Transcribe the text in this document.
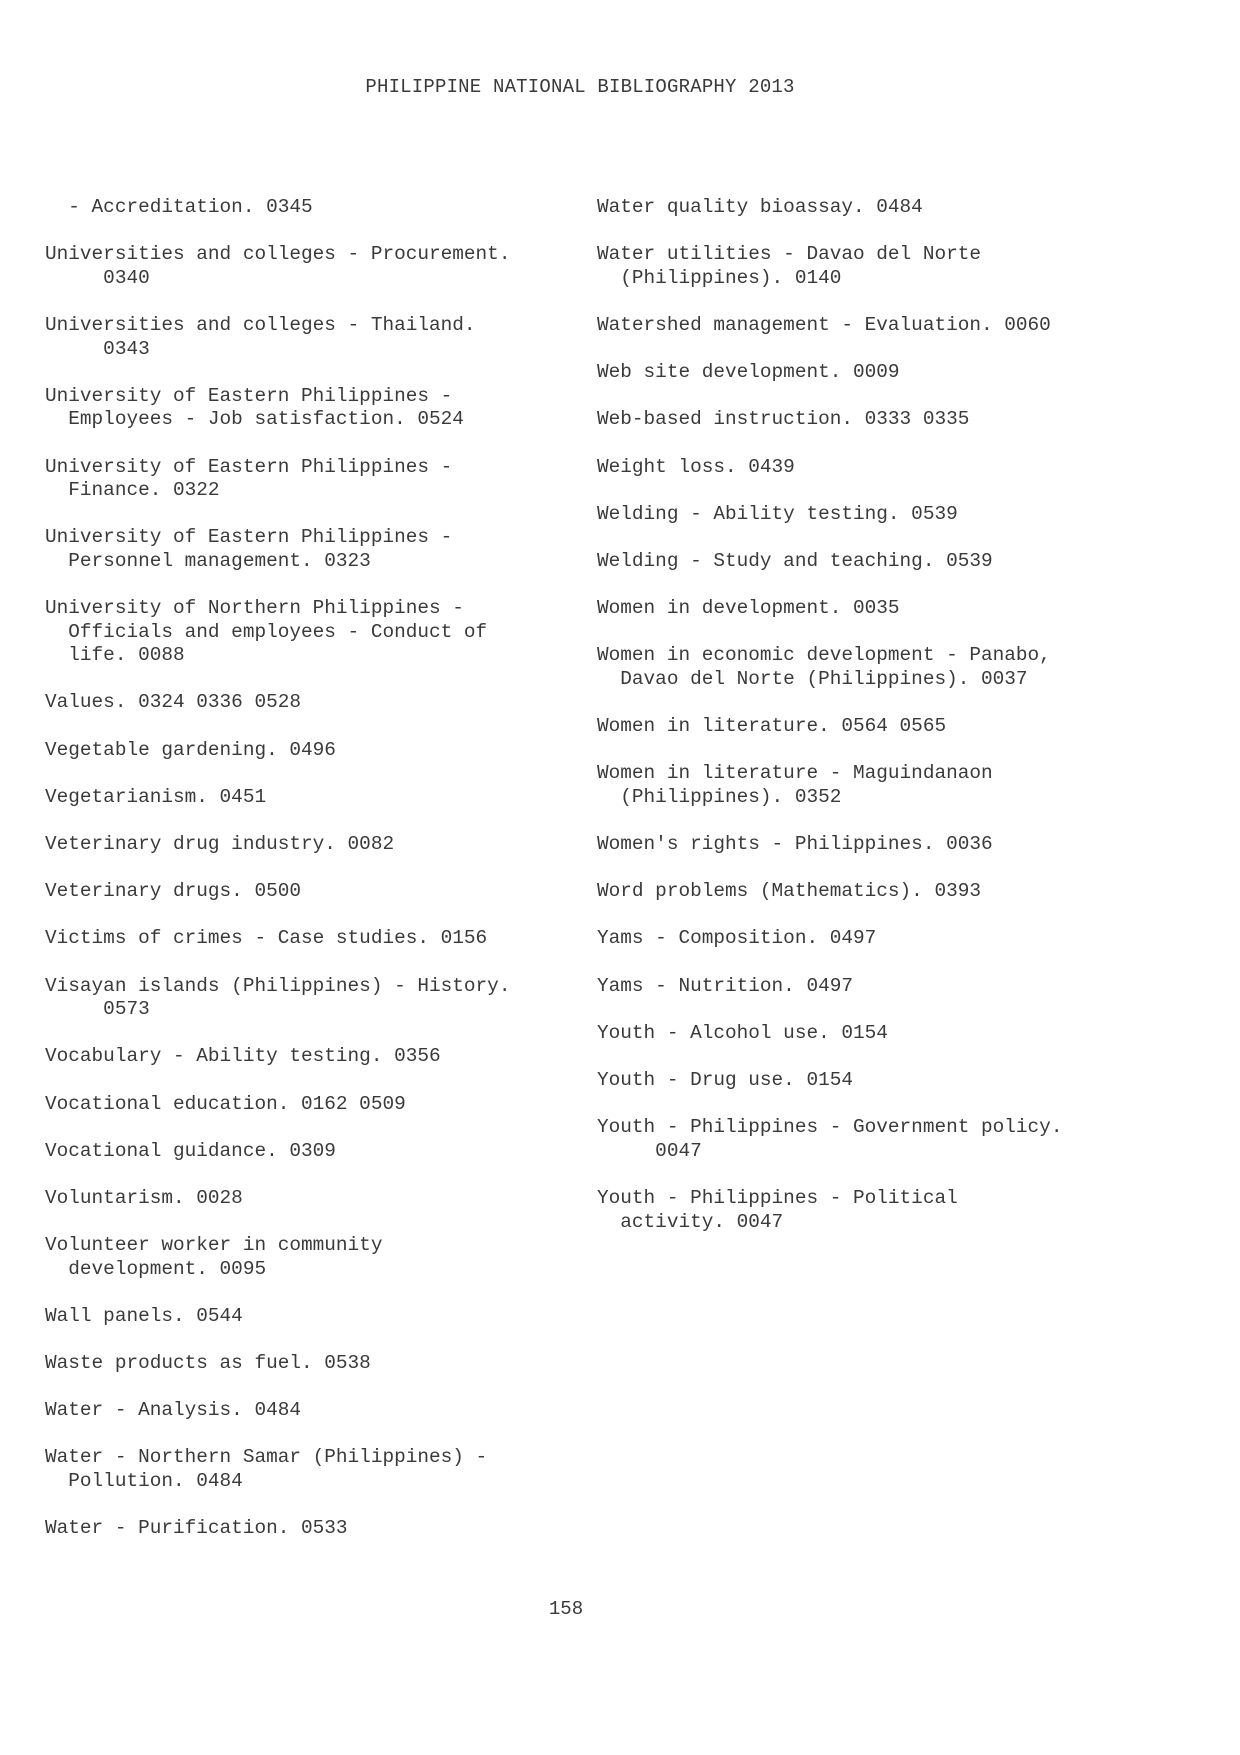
PHILIPPINE NATIONAL BIBLIOGRAPHY 2013
- Accreditation. 0345
Universities and colleges - Procurement.
0340
Universities and colleges - Thailand.
0343
University of Eastern Philippines -
Employees - Job satisfaction. 0524
University of Eastern Philippines -
Finance. 0322
University of Eastern Philippines -
Personnel management. 0323
University of Northern Philippines -
Officials and employees - Conduct of
life. 0088
Values. 0324 0336 0528
Vegetable gardening. 0496
Vegetarianism. 0451
Veterinary drug industry. 0082
Veterinary drugs. 0500
Victims of crimes - Case studies. 0156
Visayan islands (Philippines) - History.
0573
Vocabulary - Ability testing. 0356
Vocational education. 0162 0509
Vocational guidance. 0309
Voluntarism. 0028
Volunteer worker in community
development. 0095
Wall panels. 0544
Waste products as fuel. 0538
Water - Analysis. 0484
Water - Northern Samar (Philippines) -
Pollution. 0484
Water - Purification. 0533
Water quality bioassay. 0484
Water utilities - Davao del Norte
(Philippines). 0140
Watershed management - Evaluation. 0060
Web site development. 0009
Web-based instruction. 0333 0335
Weight loss. 0439
Welding - Ability testing. 0539
Welding - Study and teaching. 0539
Women in development. 0035
Women in economic development - Panabo,
Davao del Norte (Philippines). 0037
Women in literature. 0564 0565
Women in literature - Maguindanaon
(Philippines). 0352
Women's rights - Philippines. 0036
Word problems (Mathematics). 0393
Yams - Composition. 0497
Yams - Nutrition. 0497
Youth - Alcohol use. 0154
Youth - Drug use. 0154
Youth - Philippines - Government policy.
0047
Youth - Philippines - Political
activity. 0047
158
